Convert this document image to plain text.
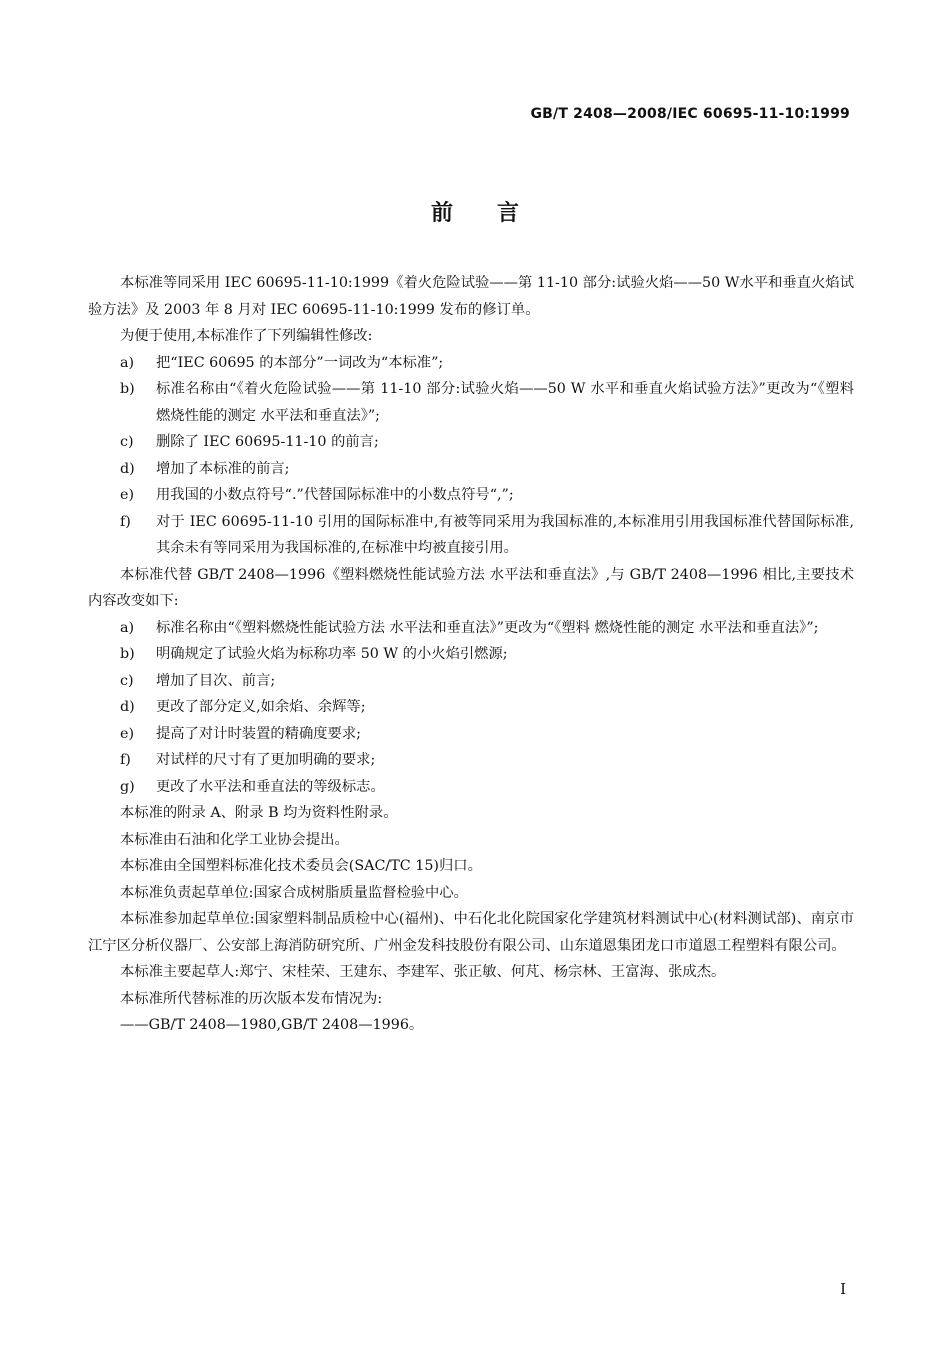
GB/T 2408—2008/IEC 60695-11-10:1999
前言

本标准等同采用 IEC 60695-11-10:1999《着火危险试验——第 11-10 部分:试验火焰——50 W水平和垂直火焰试验方法》及 2003 年 8 月对 IEC 60695-11-10:1999 发布的修订单。

为便于使用,本标准作了下列编辑性修改:

a)	把“IEC 60695 的本部分”一词改为“本标准”;
b)	标准名称由“《着火危险试验——第 11-10 部分:试验火焰——50 W 水平和垂直火焰试验方法》”更改为“《塑料 燃烧性能的测定 水平法和垂直法》”;
c)	删除了 IEC 60695-11-10 的前言;
d)	增加了本标准的前言;
e)	用我国的小数点符号“.”代替国际标准中的小数点符号“,”;
f)	对于 IEC 60695-11-10 引用的国际标准中,有被等同采用为我国标准的,本标准用引用我国标准代替国际标准,其余未有等同采用为我国标准的,在标准中均被直接引用。

本标准代替 GB/T 2408—1996《塑料燃烧性能试验方法 水平法和垂直法》,与 GB/T 2408—1996 相比,主要技术内容改变如下:

a)	标准名称由“《塑料燃烧性能试验方法 水平法和垂直法》”更改为“《塑料 燃烧性能的测定 水平法和垂直法》”;
b)	明确规定了试验火焰为标称功率 50 W 的小火焰引燃源;
c)	增加了目次、前言;
d)	更改了部分定义,如余焰、余辉等;
e)	提高了对计时装置的精确度要求;
f)	对试样的尺寸有了更加明确的要求;
g)	更改了水平法和垂直法的等级标志。

本标准的附录 A、附录 B 均为资料性附录。

本标准由石油和化学工业协会提出。

本标准由全国塑料标准化技术委员会(SAC/TC 15)归口。

本标准负责起草单位:国家合成树脂质量监督检验中心。

本标准参加起草单位:国家塑料制品质检中心(福州)、中石化北化院国家化学建筑材料测试中心(材料测试部)、南京市江宁区分析仪器厂、公安部上海消防研究所、广州金发科技股份有限公司、山东道恩集团龙口市道恩工程塑料有限公司。

本标准主要起草人:郑宁、宋桂荣、王建东、李建军、张正敏、何芃、杨宗林、王富海、张成杰。

本标准所代替标准的历次版本发布情况为:

——GB/T 2408—1980,GB/T 2408—1996。

I
